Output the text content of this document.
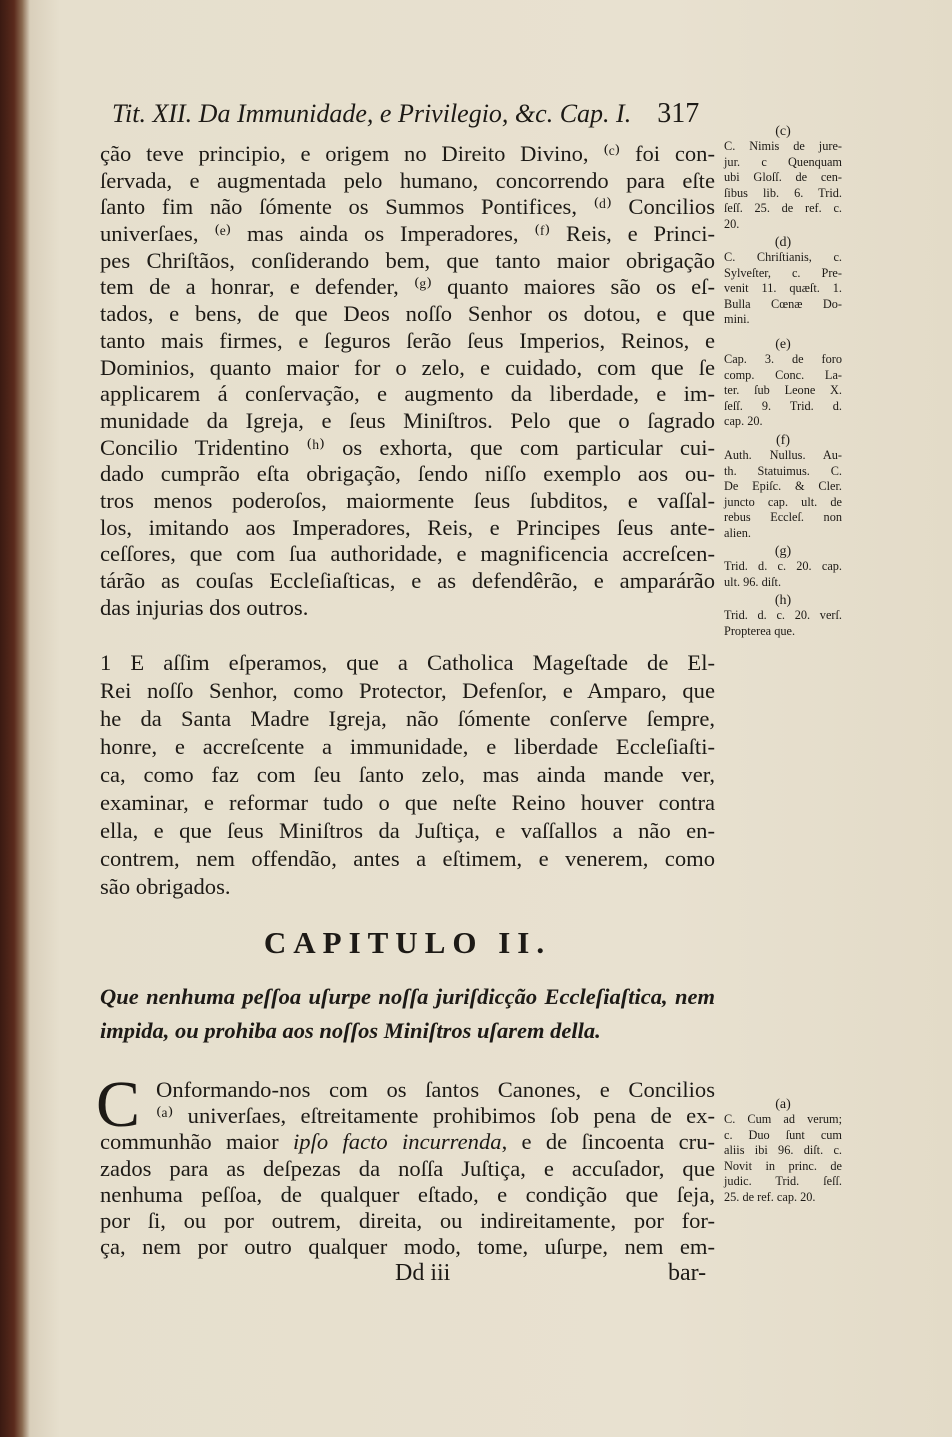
Tit. XII. Da Immunidade, e Privilegio, &c. Cap. I. 317
ção teve principio, e origem no Direito Divino, ⁽ᶜ⁾ foi con-
ſervada, e augmentada pelo humano, concorrendo para eſte
ſanto fim não ſómente os Summos Pontifices, ⁽ᵈ⁾ Concilios
univerſaes, ⁽ᵉ⁾ mas ainda os Imperadores, ⁽ᶠ⁾ Reis, e Princi-
pes Chriſtãos, conſiderando bem, que tanto maior obrigação
tem de a honrar, e defender, ⁽ᵍ⁾ quanto maiores são os eſ-
tados, e bens, de que Deos noſſo Senhor os dotou, e que
tanto mais firmes, e ſeguros ſerão ſeus Imperios, Reinos, e
Dominios, quanto maior for o zelo, e cuidado, com que ſe
applicarem á conſervação, e augmento da liberdade, e im-
munidade da Igreja, e ſeus Miniſtros. Pelo que o ſagrado
Concilio Tridentino ⁽ʰ⁾ os exhorta, que com particular cui-
dado cumprão eſta obrigação, ſendo niſſo exemplo aos ou-
tros menos poderoſos, maiormente ſeus ſubditos, e vaſſal-
los, imitando aos Imperadores, Reis, e Principes ſeus ante-
ceſſores, que com ſua authoridade, e magnificencia accreſcen-
tárão as couſas Eccleſiaſticas, e as defendêrão, e amparárão
das injurias dos outros.
1 E aſſim eſperamos, que a Catholica Mageſtade de El-
Rei noſſo Senhor, como Protector, Defenſor, e Amparo, que
he da Santa Madre Igreja, não ſómente conſerve ſempre,
honre, e accreſcente a immunidade, e liberdade Eccleſiaſti-
ca, como faz com ſeu ſanto zelo, mas ainda mande ver,
examinar, e reformar tudo o que neſte Reino houver contra
ella, e que ſeus Miniſtros da Juſtiça, e vaſſallos a não en-
contrem, nem offendão, antes a eſtimem, e venerem, como
são obrigados.
CAPITULO II.
Que nenhuma peſſoa uſurpe noſſa juriſdicção Eccleſiaſtica, nem
impida, ou prohiba aos noſſos Miniſtros uſarem della.
C Onformando-nos com os ſantos Canones, e Concilios
⁽ᵃ⁾ univerſaes, eſtreitamente prohibimos ſob pena de ex-
communhão maior ipſo facto incurrenda, e de ſincoenta cru-
zados para as deſpezas da noſſa Juſtiça, e accuſador, que
nenhuma peſſoa, de qualquer eſtado, e condição que ſeja,
por ſi, ou por outrem, direita, ou indireitamente, por for-
ça, nem por outro qualquer modo, tome, uſurpe, nem em-
Dd iii	bar-
(c)
C. Nimis de jure-
jur. c Quenquam
ubi Gloſſ. de cen-
ſibus lib. 6. Trid.
ſeſſ. 25. de ref. c.
20.
(d)
C. Chriſtianis, c.
Sylveſter, c. Pre-
venit 11. quæſt. 1.
Bulla Cœnæ Do-
mini.
(e)
Cap. 3. de foro
comp. Conc. La-
ter. ſub Leone X.
ſeſſ. 9. Trid. d.
cap. 20.
(f)
Auth. Nullus. Au-
th. Statuimus. C.
De Epiſc. & Cler.
juncto cap. ult. de
rebus Eccleſ. non
alien.
(g)
Trid. d. c. 20. cap.
ult. 96. diſt.
(h)
Trid. d. c. 20. verſ.
Propterea que.
(a)
C. Cum ad verum;
c. Duo ſunt cum
aliis ibi 96. diſt. c.
Novit in princ. de
judic. Trid. ſeſſ.
25. de ref. cap. 20.
